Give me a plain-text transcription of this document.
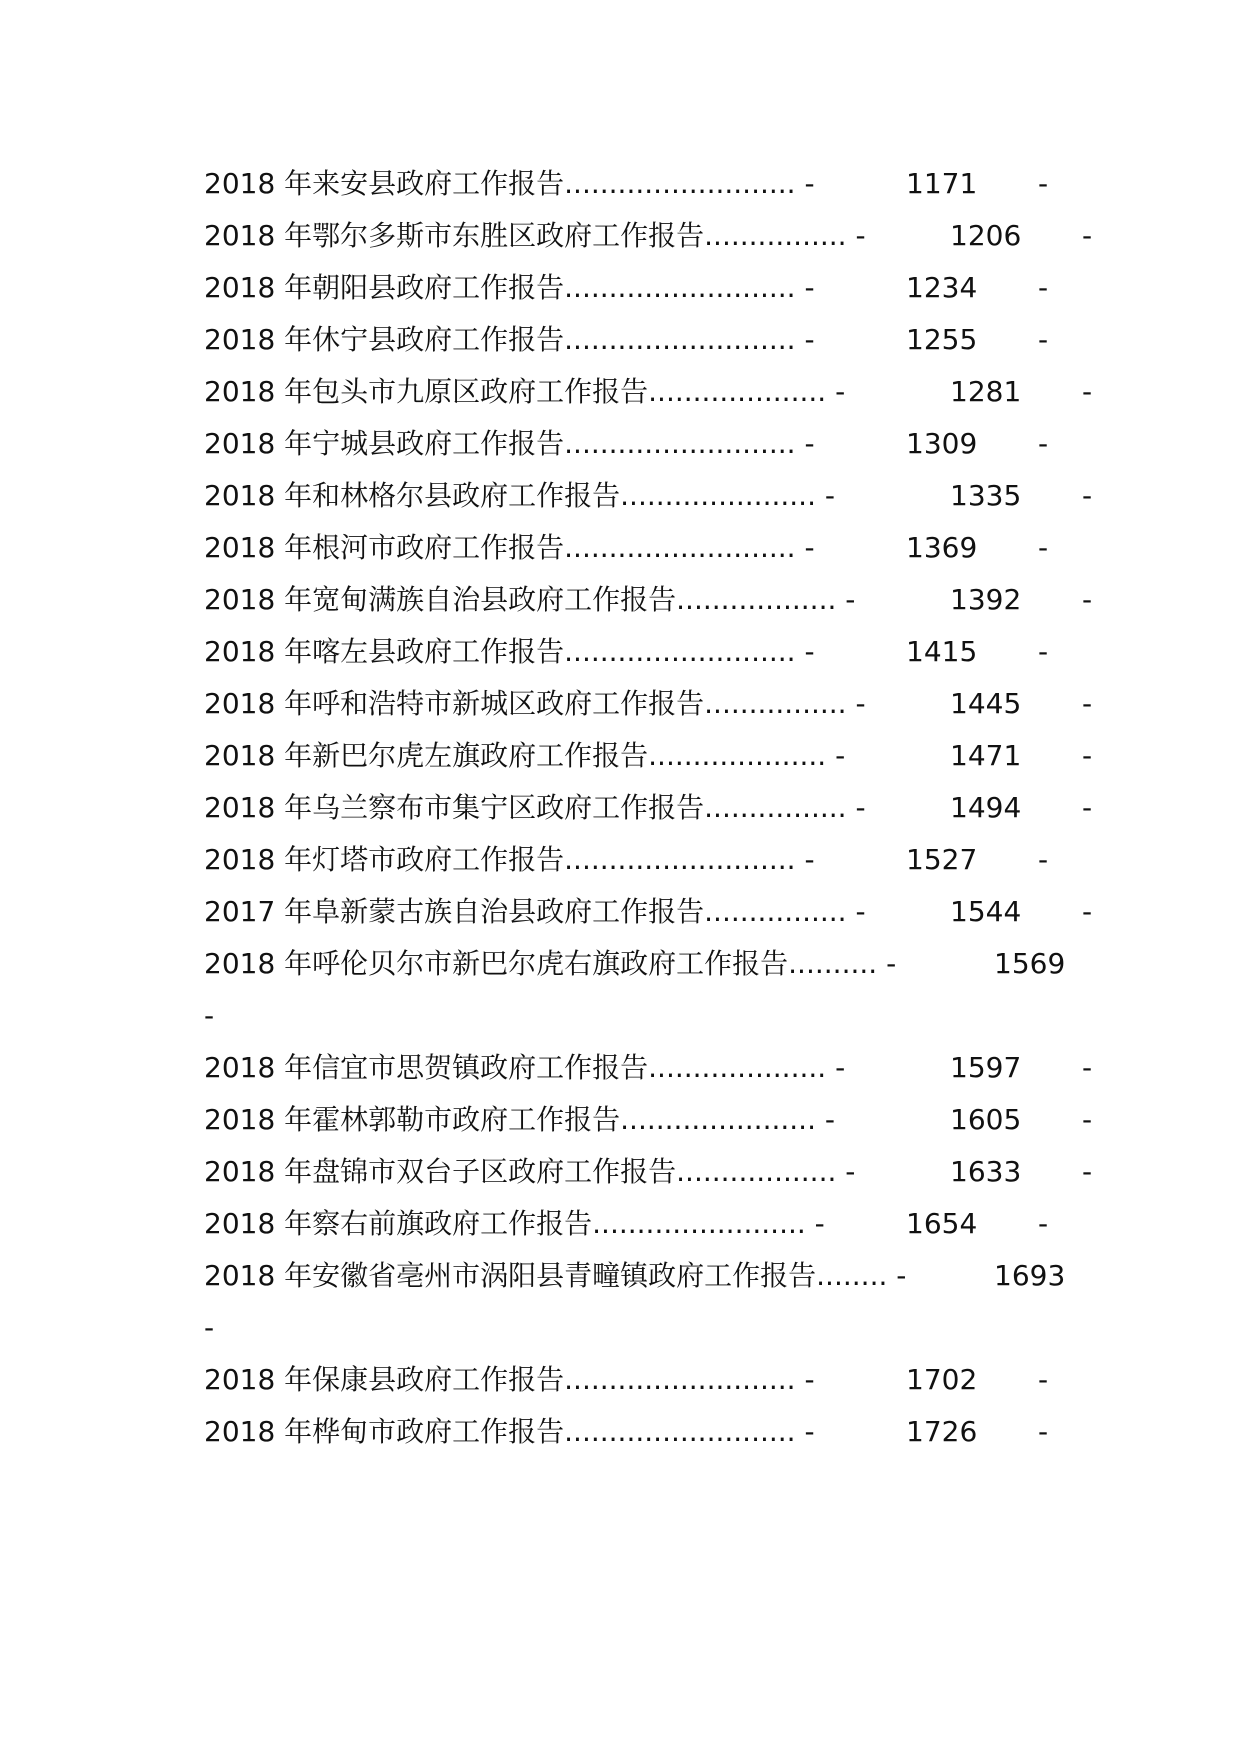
2018 年来安县政府工作报告.......................... -	1171 -
2018 年鄂尔多斯市东胜区政府工作报告................ -	1206 -
2018 年朝阳县政府工作报告.......................... -	1234 -
2018 年休宁县政府工作报告.......................... -	1255 -
2018 年包头市九原区政府工作报告.................... -	1281 -
2018 年宁城县政府工作报告.......................... -	1309 -
2018 年和林格尔县政府工作报告...................... -	1335 -
2018 年根河市政府工作报告.......................... -	1369 -
2018 年宽甸满族自治县政府工作报告.................. -	1392 -
2018 年喀左县政府工作报告.......................... -	1415 -
2018 年呼和浩特市新城区政府工作报告................ -	1445 -
2018 年新巴尔虎左旗政府工作报告.................... -	1471 -
2018 年乌兰察布市集宁区政府工作报告................ -	1494 -
2018 年灯塔市政府工作报告.......................... -	1527 -
2017 年阜新蒙古族自治县政府工作报告................ -	1544 -
2018 年呼伦贝尔市新巴尔虎右旗政府工作报告.......... -	1569
-
2018 年信宜市思贺镇政府工作报告.................... -	1597 -
2018 年霍林郭勒市政府工作报告...................... -	1605 -
2018 年盘锦市双台子区政府工作报告.................. -	1633 -
2018 年察右前旗政府工作报告........................ -	1654 -
2018 年安徽省亳州市涡阳县青疃镇政府工作报告........ -	1693
-
2018 年保康县政府工作报告.......................... -	1702 -
2018 年桦甸市政府工作报告.......................... -	1726 -
